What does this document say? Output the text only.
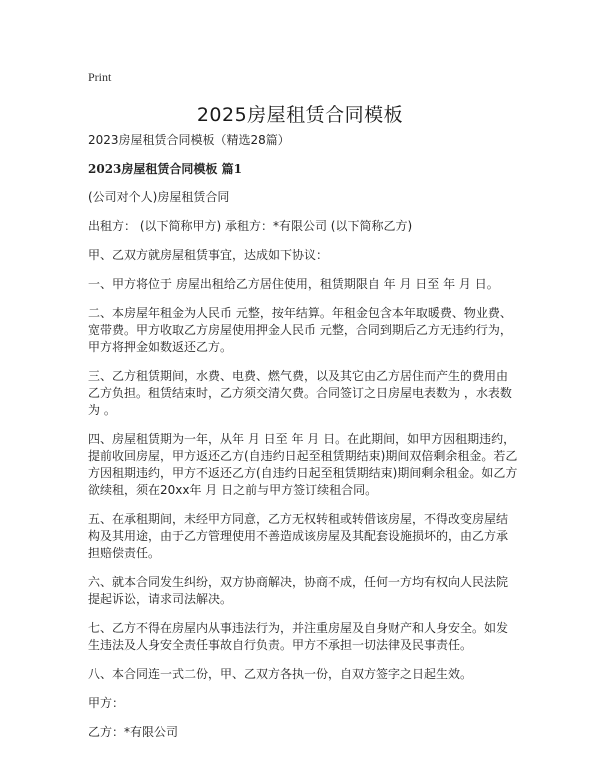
Print
2025房屋租赁合同模板

2023房屋租赁合同模板（精选28篇）

2023房屋租赁合同模板 篇1

(公司对个人)房屋租赁合同

出租方： (以下简称甲方) 承租方：*有限公司 (以下简称乙方)

甲、乙双方就房屋租赁事宜，达成如下协议：

一、甲方将位于 房屋出租给乙方居住使用，租赁期限自 年 月 日至 年 月 日。

二、本房屋年租金为人民币 元整，按年结算。年租金包含本年取暖费、物业费、宽带费。甲方收取乙方房屋使用押金人民币 元整，合同到期后乙方无违约行为，甲方将押金如数返还乙方。

三、乙方租赁期间，水费、电费、燃气费，以及其它由乙方居住而产生的费用由乙方负担。租赁结束时，乙方须交清欠费。合同签订之日房屋电表数为 ，水表数为 。

四、房屋租赁期为一年，从年 月 日至 年 月 日。在此期间，如甲方因租期违约，提前收回房屋，甲方返还乙方(自违约日起至租赁期结束)期间双倍剩余租金。若乙方因租期违约，甲方不返还乙方(自违约日起至租赁期结束)期间剩余租金。如乙方欲续租，须在20xx年 月 日之前与甲方签订续租合同。

五、在承租期间，未经甲方同意，乙方无权转租或转借该房屋，不得改变房屋结构及其用途，由于乙方管理使用不善造成该房屋及其配套设施损坏的，由乙方承担赔偿责任。

六、就本合同发生纠纷，双方协商解决，协商不成，任何一方均有权向人民法院提起诉讼，请求司法解决。

七、乙方不得在房屋内从事违法行为，并注重房屋及自身财产和人身安全。如发生违法及人身安全责任事故自行负责。甲方不承担一切法律及民事责任。

八、本合同连一式二份，甲、乙双方各执一份，自双方签字之日起生效。

甲方：

乙方：*有限公司
